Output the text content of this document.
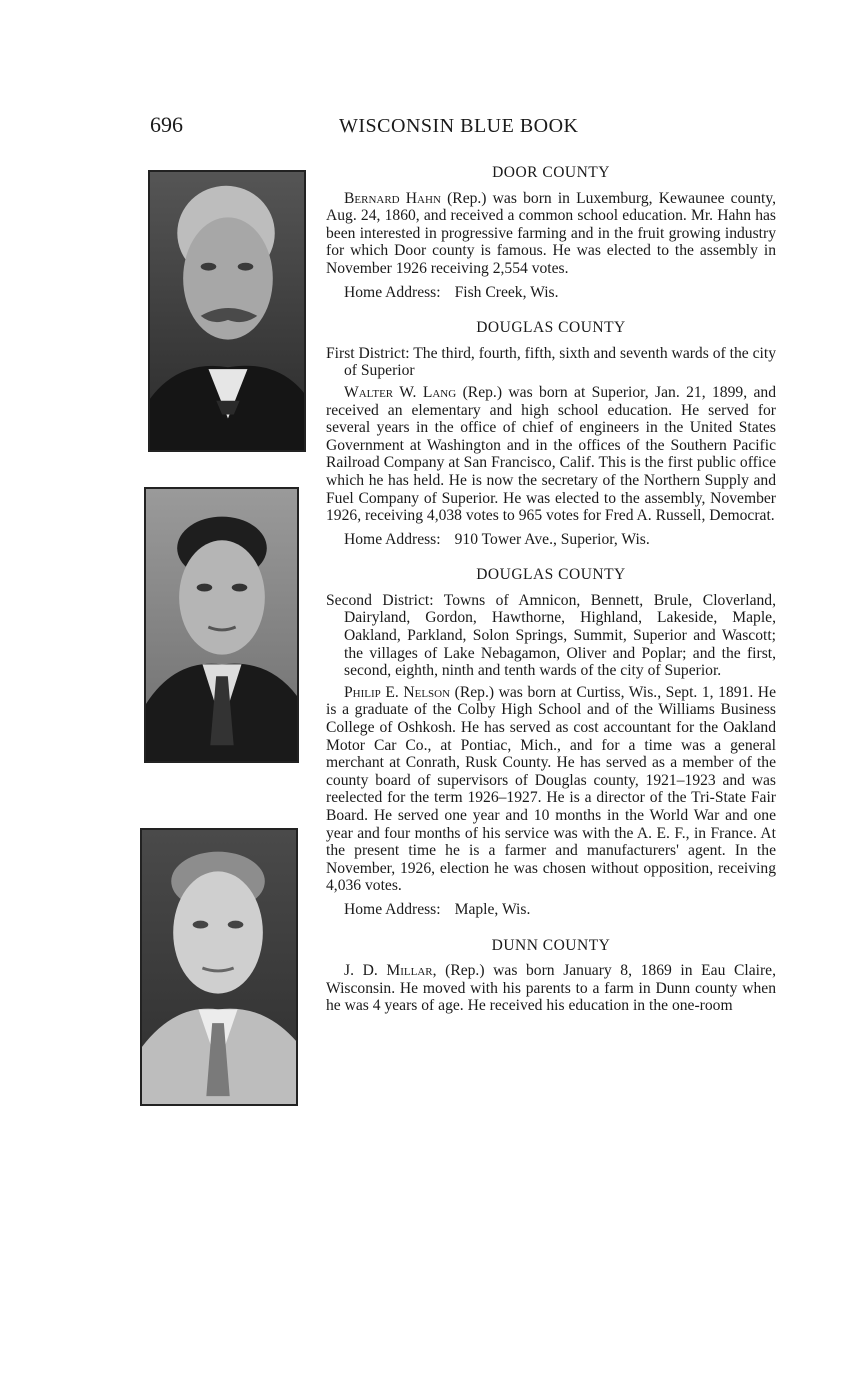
696	WISCONSIN BLUE BOOK
DOOR COUNTY

Bernard Hahn (Rep.) was born in Luxemburg, Kewaunee county, Aug. 24, 1860, and received a common school education. Mr. Hahn has been interested in progressive farming and in the fruit growing industry for which Door county is famous. He was elected to the assembly in November 1926 receiving 2,554 votes.

Home Address: Fish Creek, Wis.
DOUGLAS COUNTY

First District: The third, fourth, fifth, sixth and seventh wards of the city of Superior

Walter W. Lang (Rep.) was born at Superior, Jan. 21, 1899, and received an elementary and high school education. He served for several years in the office of chief of engineers in the United States Government at Washington and in the offices of the Southern Pacific Railroad Company at San Francisco, Calif. This is the first public office which he has held. He is now the secretary of the Northern Supply and Fuel Company of Superior. He was elected to the assembly, November 1926, receiving 4,038 votes to 965 votes for Fred A. Russell, Democrat.

Home Address: 910 Tower Ave., Superior, Wis.
DOUGLAS COUNTY

Second District: Towns of Amnicon, Bennett, Brule, Cloverland, Dairyland, Gordon, Hawthorne, Highland, Lakeside, Maple, Oakland, Parkland, Solon Springs, Summit, Superior and Wascott; the villages of Lake Nebagamon, Oliver and Poplar; and the first, second, eighth, ninth and tenth wards of the city of Superior.

Philip E. Nelson (Rep.) was born at Curtiss, Wis., Sept. 1, 1891. He is a graduate of the Colby High School and of the Williams Business College of Oshkosh. He has served as cost accountant for the Oakland Motor Car Co., at Pontiac, Mich., and for a time was a general merchant at Conrath, Rusk County. He has served as a member of the county board of supervisors of Douglas county, 1921–1923 and was reelected for the term 1926–1927. He is a director of the Tri-State Fair Board. He served one year and 10 months in the World War and one year and four months of his service was with the A. E. F., in France. At the present time he is a farmer and manufacturers' agent. In the November, 1926, election he was chosen without opposition, receiving 4,036 votes.

Home Address: Maple, Wis.
DUNN COUNTY

J. D. Millar, (Rep.) was born January 8, 1869 in Eau Claire, Wisconsin. He moved with his parents to a farm in Dunn county when he was 4 years of age. He received his education in the one-room
